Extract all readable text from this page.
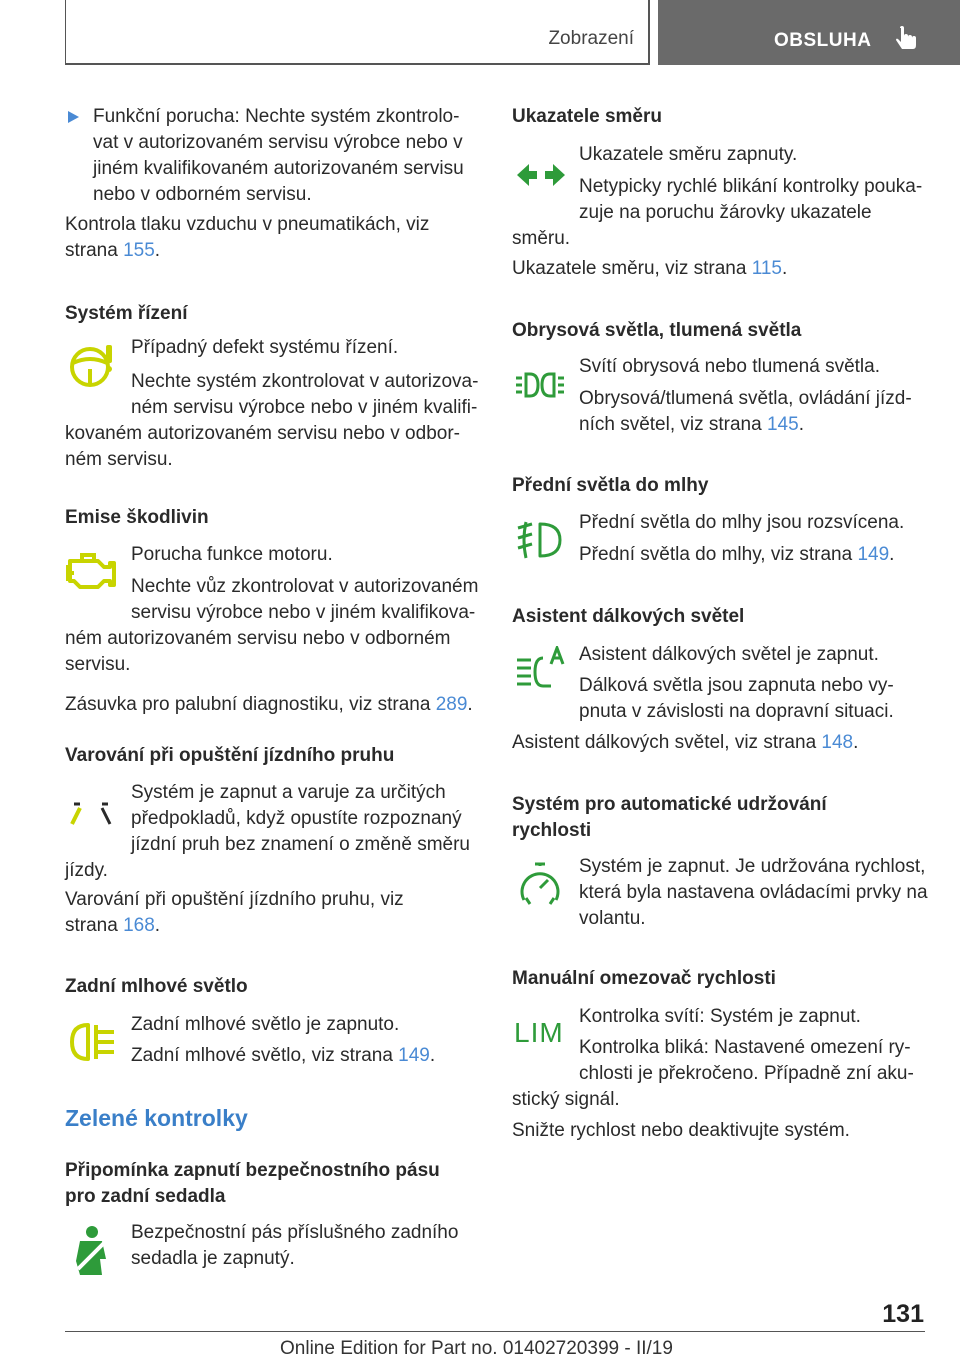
Zobrazení	OBSLUHA
Funkční porucha: Nechte systém zkontrolo‐
vat v autorizovaném servisu výrobce nebo v
jiném kvalifikovaném autorizovaném servisu
nebo v odborném servisu.
Kontrola tlaku vzduchu v pneumatikách, viz
strana 155.
Systém řízení
Případný defekt systému řízení.
Nechte systém zkontrolovat v autorizova‐
ném servisu výrobce nebo v jiném kvalifi‐
kovaném autorizovaném servisu nebo v odbor‐
ném servisu.
Emise škodlivin
Porucha funkce motoru.
Nechte vůz zkontrolovat v autorizovaném
servisu výrobce nebo v jiném kvalifikova‐
ném autorizovaném servisu nebo v odborném
servisu.
Zásuvka pro palubní diagnostiku, viz strana 289.
Varování při opuštění jízdního pruhu
Systém je zapnut a varuje za určitých
předpokladů, když opustíte rozpoznaný
jízdní pruh bez znamení o změně směru
jízdy.
Varování při opuštění jízdního pruhu, viz
strana 168.
Zadní mlhové světlo
Zadní mlhové světlo je zapnuto.
Zadní mlhové světlo, viz strana 149.
Zelené kontrolky
Připomínka zapnutí bezpečnostního pásu
pro zadní sedadla
Bezpečnostní pás příslušného zadního
sedadla je zapnutý.
Ukazatele směru
Ukazatele směru zapnuty.
Netypicky rychlé blikání kontrolky pouka‐
zuje na poruchu žárovky ukazatele
směru.
Ukazatele směru, viz strana 115.
Obrysová světla, tlumená světla
Svítí obrysová nebo tlumená světla.
Obrysová/tlumená světla, ovládání jízd‐
ních světel, viz strana 145.
Přední světla do mlhy
Přední světla do mlhy jsou rozsvícena.
Přední světla do mlhy, viz strana 149.
Asistent dálkových světel
Asistent dálkových světel je zapnut.
Dálková světla jsou zapnuta nebo vy‐
pnuta v závislosti na dopravní situaci.
Asistent dálkových světel, viz strana 148.
Systém pro automatické udržování
rychlosti
Systém je zapnut. Je udržována rychlost,
která byla nastavena ovládacími prvky na
volantu.
Manuální omezovač rychlosti
LIM
Kontrolka svítí: Systém je zapnut.
Kontrolka bliká: Nastavené omezení ry‐
chlosti je překročeno. Případně zní aku‐
stický signál.
Snižte rychlost nebo deaktivujte systém.
131
Online Edition for Part no. 01402720399 - II/19
